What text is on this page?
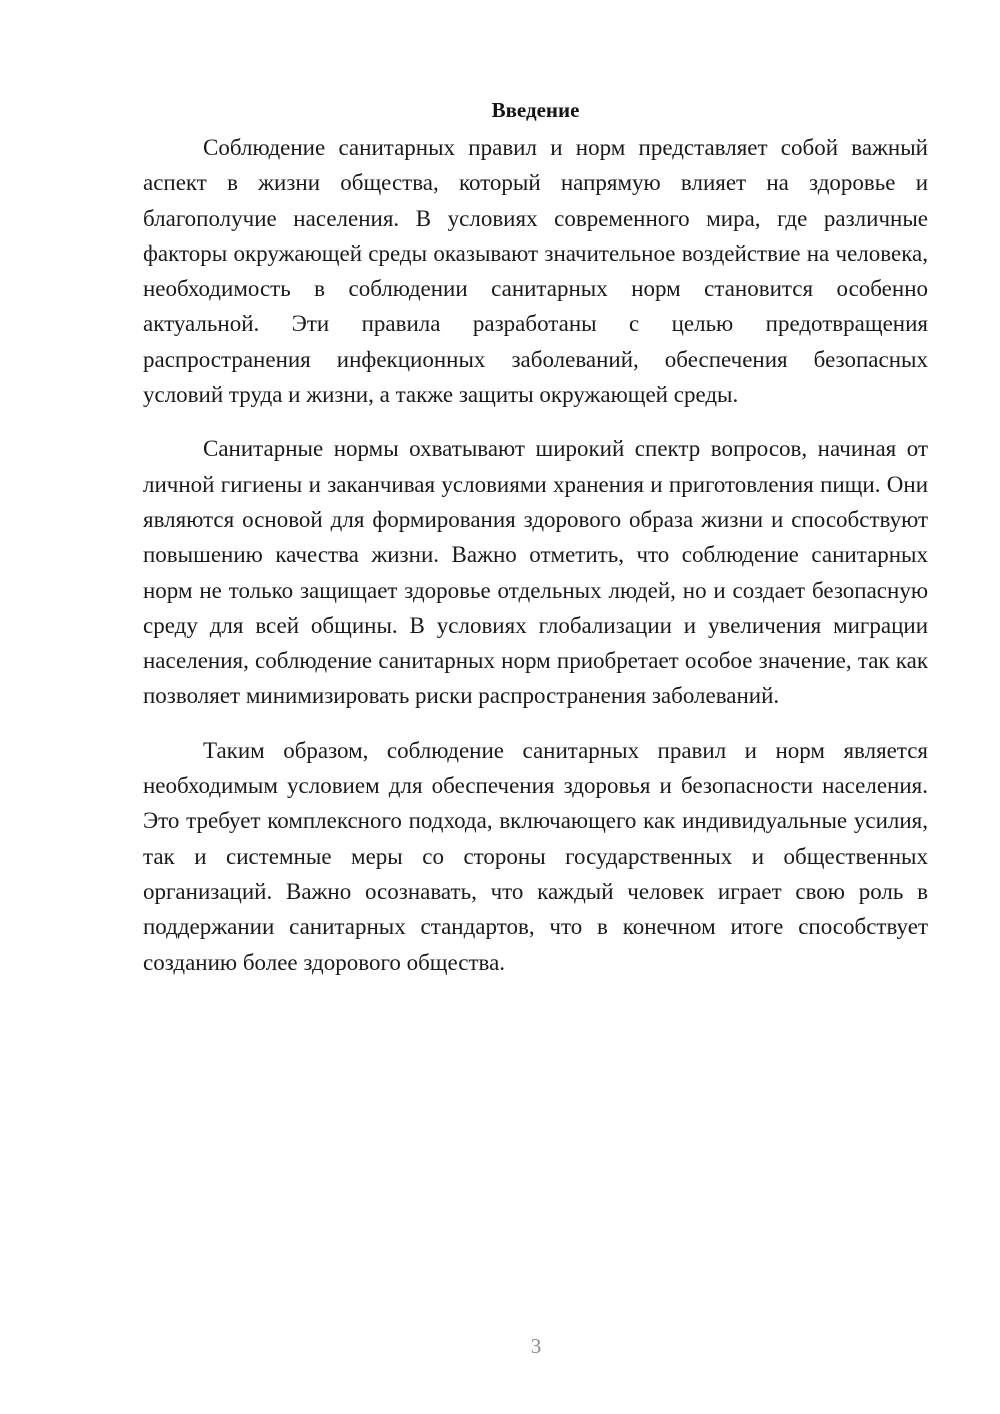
Введение

Соблюдение санитарных правил и норм представляет собой важный аспект в жизни общества, который напрямую влияет на здоровье и благополучие населения. В условиях современного мира, где различные факторы окружающей среды оказывают значительное воздействие на человека, необходимость в соблюдении санитарных норм становится особенно актуальной. Эти правила разработаны с целью предотвращения распространения инфекционных заболеваний, обеспечения безопасных условий труда и жизни, а также защиты окружающей среды.

Санитарные нормы охватывают широкий спектр вопросов, начиная от личной гигиены и заканчивая условиями хранения и приготовления пищи. Они являются основой для формирования здорового образа жизни и способствуют повышению качества жизни. Важно отметить, что соблюдение санитарных норм не только защищает здоровье отдельных людей, но и создает безопасную среду для всей общины. В условиях глобализации и увеличения миграции населения, соблюдение санитарных норм приобретает особое значение, так как позволяет минимизировать риски распространения заболеваний.

Таким образом, соблюдение санитарных правил и норм является необходимым условием для обеспечения здоровья и безопасности населения. Это требует комплексного подхода, включающего как индивидуальные усилия, так и системные меры со стороны государственных и общественных организаций. Важно осознавать, что каждый человек играет свою роль в поддержании санитарных стандартов, что в конечном итоге способствует созданию более здорового общества.

3
